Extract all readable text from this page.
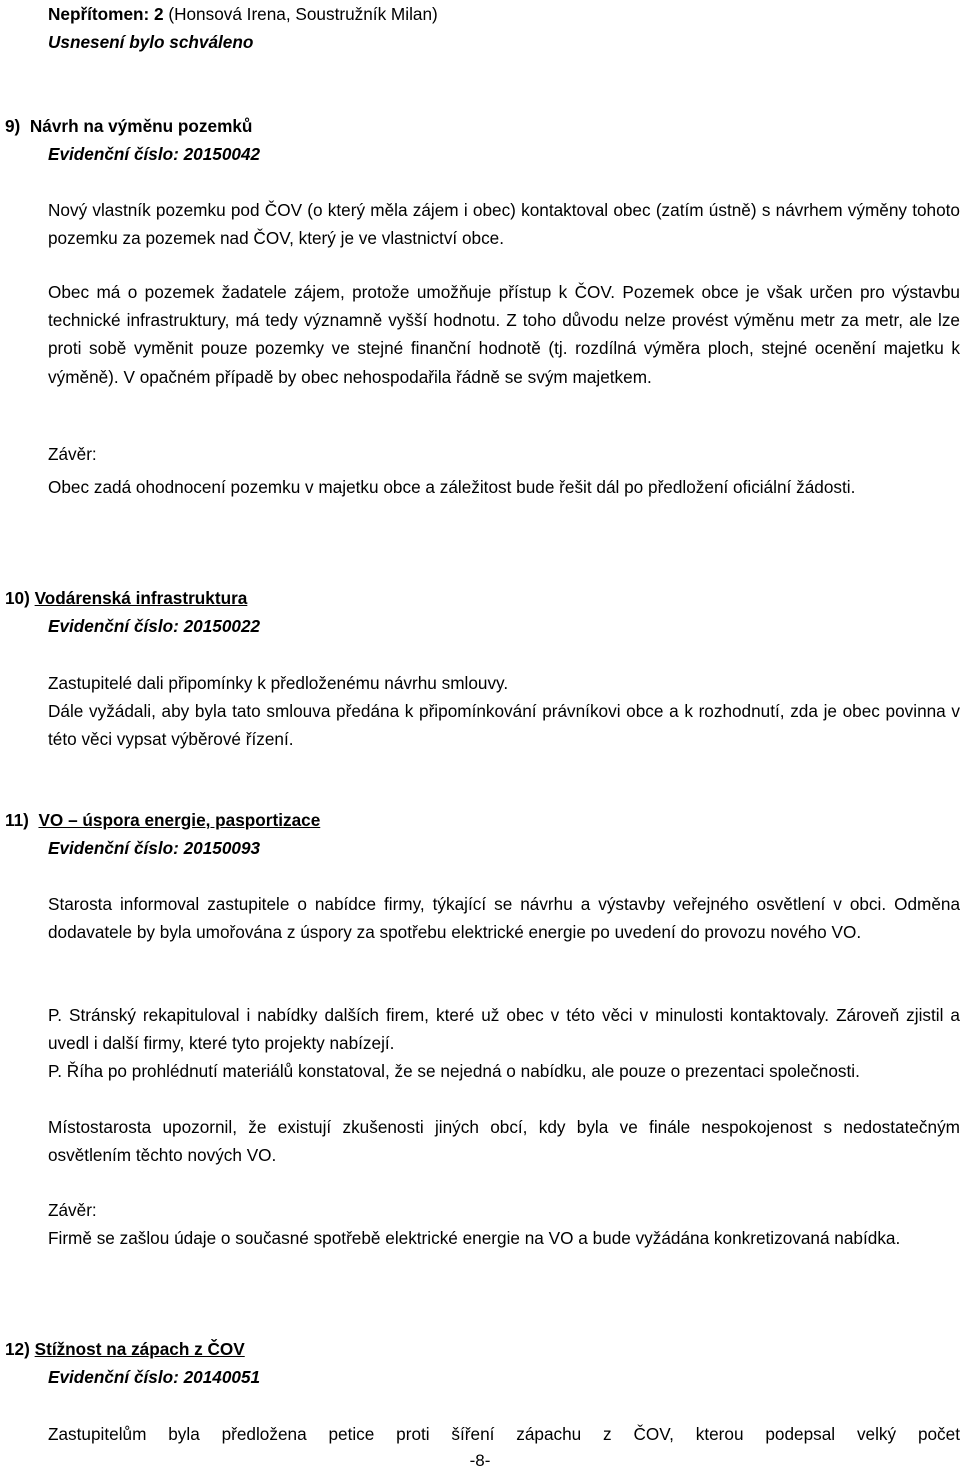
Nepřítomen: 2 (Honsová Irena, Soustružník Milan)

Usnesení bylo schváleno

9) Návrh na výměnu pozemků

Evidenční číslo: 20150042

Nový vlastník pozemku pod ČOV (o který měla zájem i obec) kontaktoval obec (zatím ústně) s návrhem výměny tohoto pozemku za pozemek nad ČOV, který je ve vlastnictví obce.

Obec má o pozemek žadatele zájem, protože umožňuje přístup k ČOV. Pozemek obce je však určen pro výstavbu technické infrastruktury, má tedy významně vyšší hodnotu. Z toho důvodu nelze provést výměnu metr za metr, ale lze proti sobě vyměnit pouze pozemky ve stejné finanční hodnotě (tj. rozdílná výměra ploch, stejné ocenění majetku k výměně). V opačném případě by obec nehospodařila řádně se svým majetkem.

Závěr:

Obec zadá ohodnocení pozemku v majetku obce a záležitost bude řešit dál po předložení oficiální žádosti.

10) Vodárenská infrastruktura

Evidenční číslo: 20150022

Zastupitelé dali připomínky k předloženému návrhu smlouvy.

Dále vyžádali, aby byla tato smlouva předána k připomínkování právníkovi obce a k rozhodnutí, zda je obec povinna v této věci vypsat výběrové řízení.

11) VO – úspora energie, pasportizace

Evidenční číslo: 20150093

Starosta informoval zastupitele o nabídce firmy, týkající se návrhu a výstavby veřejného osvětlení v obci. Odměna dodavatele by byla umořována z úspory za spotřebu elektrické energie po uvedení do provozu nového VO.

P. Stránský rekapituloval i nabídky dalších firem, které už obec v této věci v minulosti kontaktovaly. Zároveň zjistil a uvedl i další firmy, které tyto projekty nabízejí.

P. Říha po prohlédnutí materiálů konstatoval, že se nejedná o nabídku, ale pouze o prezentaci společnosti.

Místostarosta upozornil, že existují zkušenosti jiných obcí, kdy byla ve finále nespokojenost s nedostatečným osvětlením těchto nových VO.

Závěr:

Firmě se zašlou údaje o současné spotřebě elektrické energie na VO a bude vyžádána konkretizovaná nabídka.

12) Stížnost na zápach z ČOV

Evidenční číslo: 20140051

Zastupitelům byla předložena petice proti šíření zápachu z ČOV, kterou podepsal velký počet

-8-
